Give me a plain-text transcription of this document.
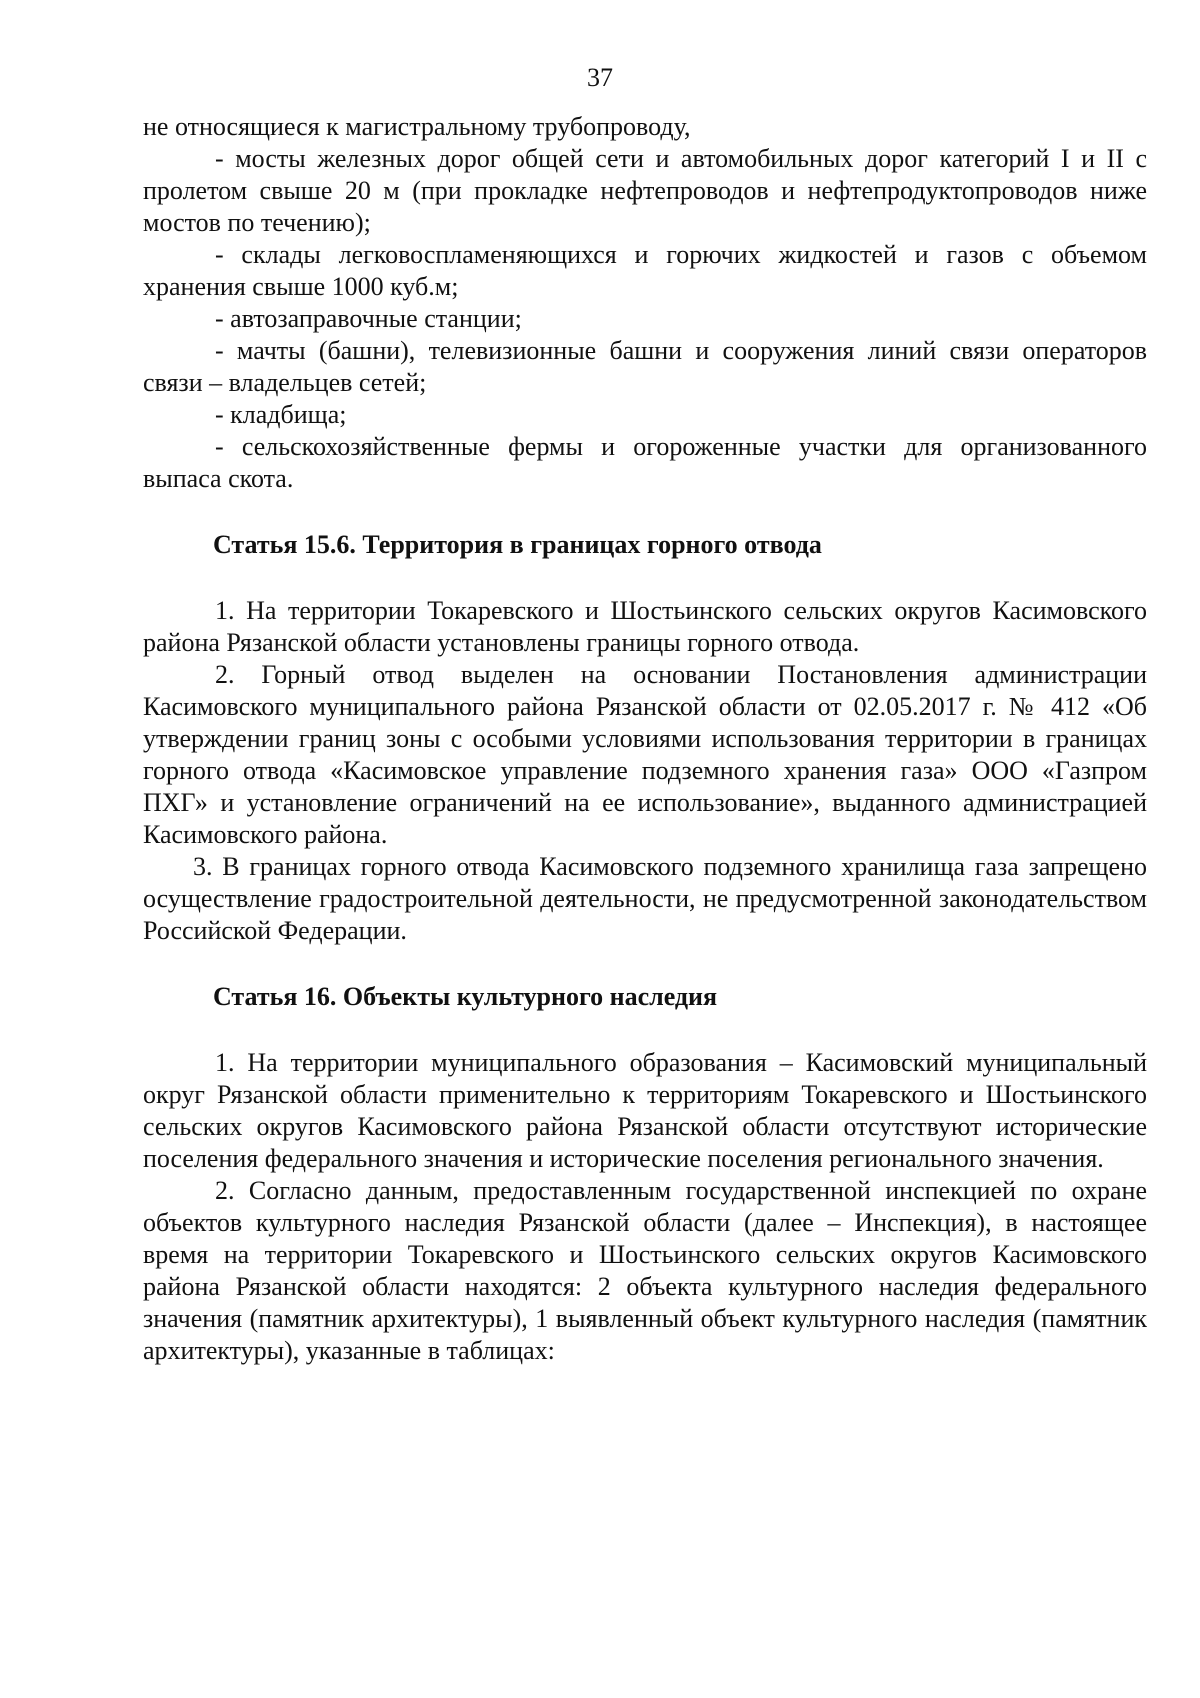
37

не относящиеся к магистральному трубопроводу,

- мосты железных дорог общей сети и автомобильных дорог категорий I и II с пролетом свыше 20 м (при прокладке нефтепроводов и нефтепродуктопроводов ниже мостов по течению);

- склады легковоспламеняющихся и горючих жидкостей и газов с объемом хранения свыше 1000 куб.м;

- автозаправочные станции;

- мачты (башни), телевизионные башни и сооружения линий связи операторов связи – владельцев сетей;

- кладбища;

- сельскохозяйственные фермы и огороженные участки для организованного выпаса скота.

Статья 15.6. Территория в границах горного отвода

1. На территории Токаревского и Шостьинского сельских округов Касимовского района Рязанской области установлены границы горного отвода.

2. Горный отвод выделен на основании Постановления администрации Касимовского муниципального района Рязанской области от 02.05.2017 г. № 412 «Об утверждении границ зоны с особыми условиями использования территории в границах горного отвода «Касимовское управление подземного хранения газа» ООО «Газпром ПХГ» и установление ограничений на ее использование», выданного администрацией Касимовского района.

3. В границах горного отвода Касимовского подземного хранилища газа запрещено осуществление градостроительной деятельности, не предусмотренной законодательством Российской Федерации.

Статья 16. Объекты культурного наследия

1. На территории муниципального образования – Касимовский муниципальный округ Рязанской области применительно к территориям Токаревского и Шостьинского сельских округов Касимовского района Рязанской области отсутствуют исторические поселения федерального значения и исторические поселения регионального значения.

2. Согласно данным, предоставленным государственной инспекцией по охране объектов культурного наследия Рязанской области (далее – Инспекция), в настоящее время на территории Токаревского и Шостьинского сельских округов Касимовского района Рязанской области находятся: 2 объекта культурного наследия федерального значения (памятник архитектуры), 1 выявленный объект культурного наследия (памятник архитектуры), указанные в таблицах:
